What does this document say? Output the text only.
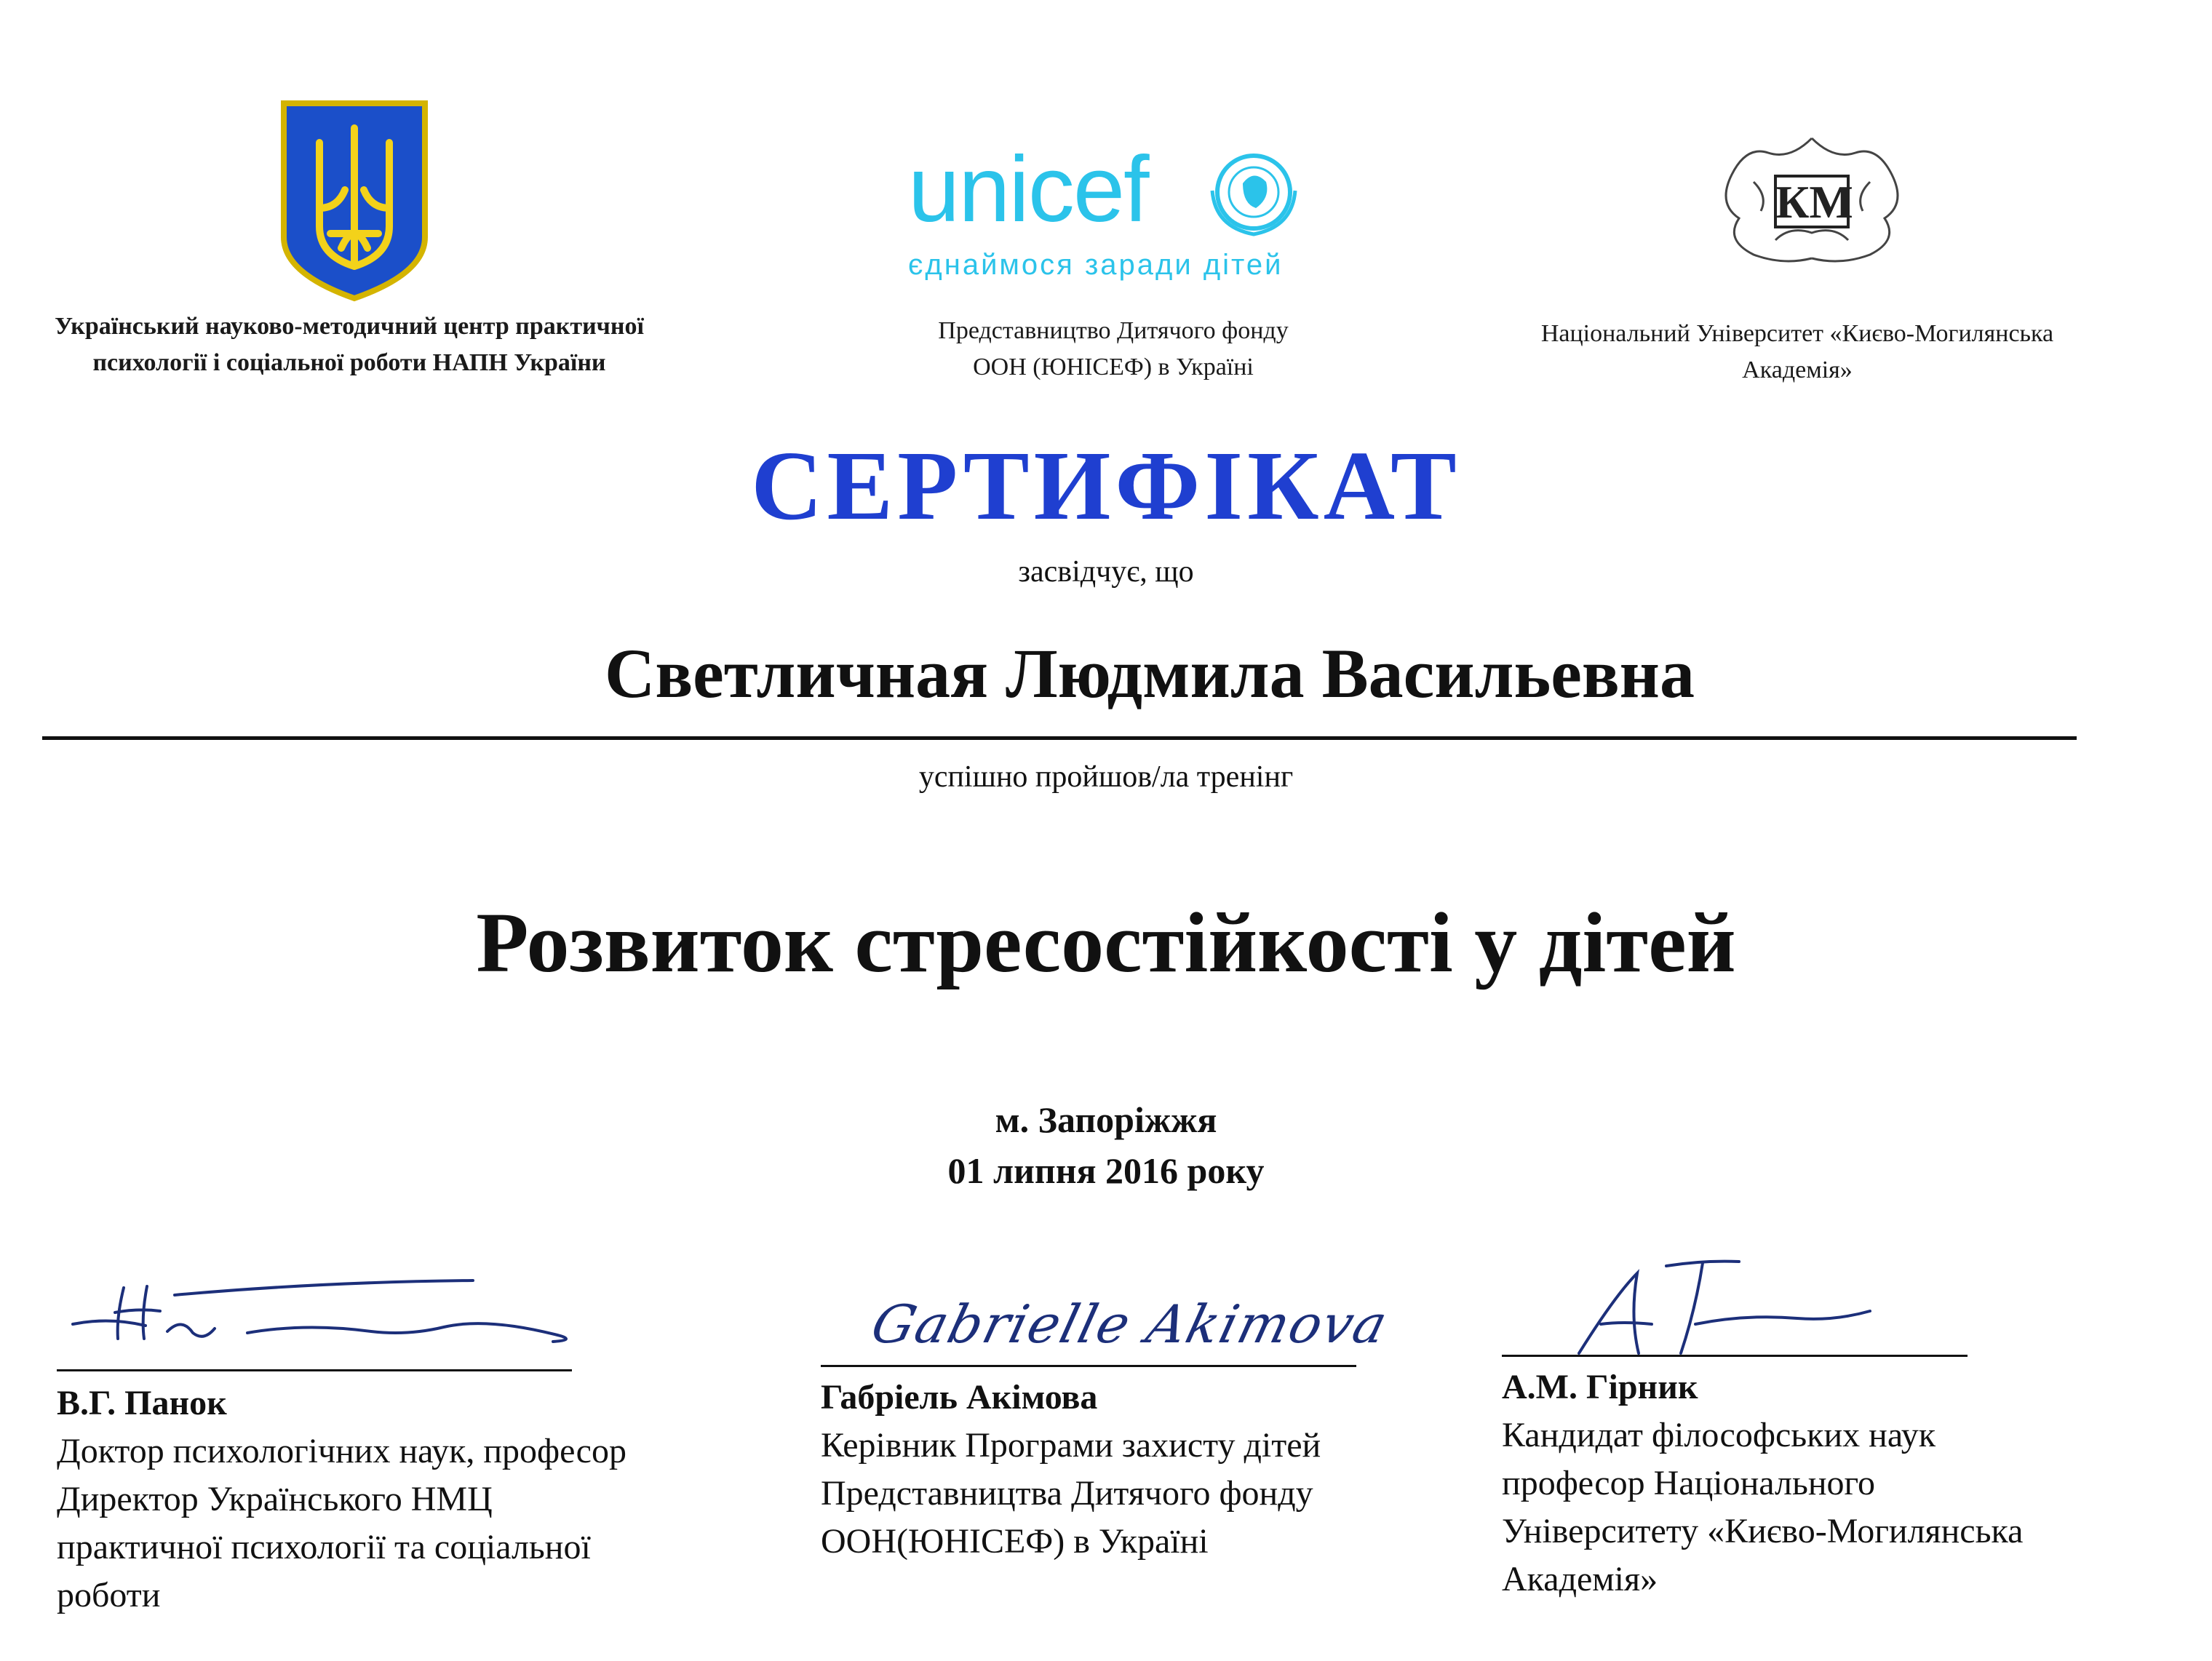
unicef
єднаймося заради дітей
КМ
Український науково-методичний центр практичної
психології і соціальної роботи НАПН України
Представництво Дитячого фонду
ООН (ЮНІСЕФ) в Україні
Національний Університет «Києво-Могилянська
Академія»
СЕРТИФІКАТ
засвідчує, що
Светличная Людмила Васильевна
успішно пройшов/ла тренінг
Розвиток стресостійкості у дітей
м. Запоріжжя
01 липня 2016 року
В.Г. Панок
Доктор психологічних наук, професор
Директор Українського НМЦ
практичної психології та соціальної
роботи
Gabrielle Akimova
Габріель Акімова
Керівник Програми захисту дітей
Представництва Дитячого фонду
ООН(ЮНІСЕФ) в Україні
А.М. Гірник
Кандидат філософських наук
професор Національного
Університету «Києво-Могилянська
Академія»
